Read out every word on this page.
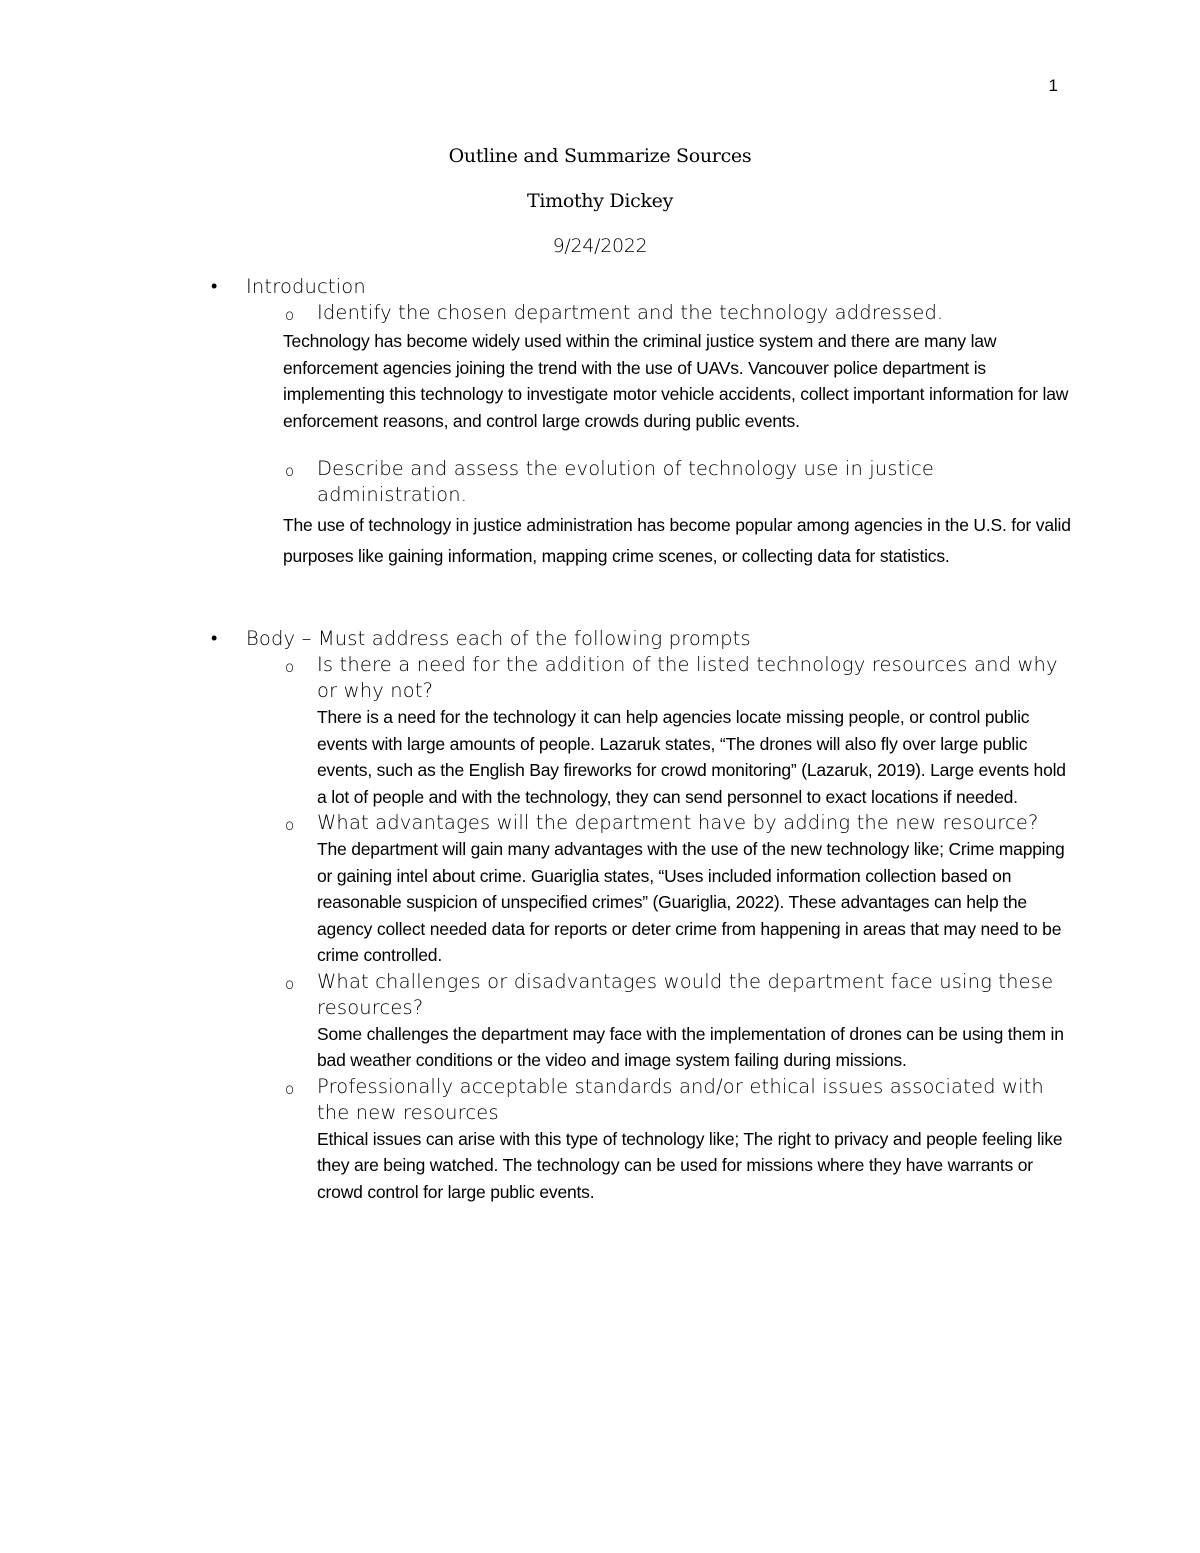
1
Outline and Summarize Sources
Timothy Dickey
9/24/2022
• Introduction
o Identify the chosen department and the technology addressed.
Technology has become widely used within the criminal justice system and there are many law enforcement agencies joining the trend with the use of UAVs. Vancouver police department is implementing this technology to investigate motor vehicle accidents, collect important information for law enforcement reasons, and control large crowds during public events.
o Describe and assess the evolution of technology use in justice administration.
The use of technology in justice administration has become popular among agencies in the U.S. for valid purposes like gaining information, mapping crime scenes, or collecting data for statistics.
• Body – Must address each of the following prompts
o Is there a need for the addition of the listed technology resources and why or why not?
There is a need for the technology it can help agencies locate missing people, or control public events with large amounts of people. Lazaruk states, “The drones will also fly over large public events, such as the English Bay fireworks for crowd monitoring” (Lazaruk, 2019). Large events hold a lot of people and with the technology, they can send personnel to exact locations if needed.
o What advantages will the department have by adding the new resource?
The department will gain many advantages with the use of the new technology like; Crime mapping or gaining intel about crime. Guariglia states, “Uses included information collection based on reasonable suspicion of unspecified crimes” (Guariglia, 2022). These advantages can help the agency collect needed data for reports or deter crime from happening in areas that may need to be crime controlled.
o What challenges or disadvantages would the department face using these resources?
Some challenges the department may face with the implementation of drones can be using them in bad weather conditions or the video and image system failing during missions.
o Professionally acceptable standards and/or ethical issues associated with the new resources
Ethical issues can arise with this type of technology like; The right to privacy and people feeling like they are being watched. The technology can be used for missions where they have warrants or crowd control for large public events.
